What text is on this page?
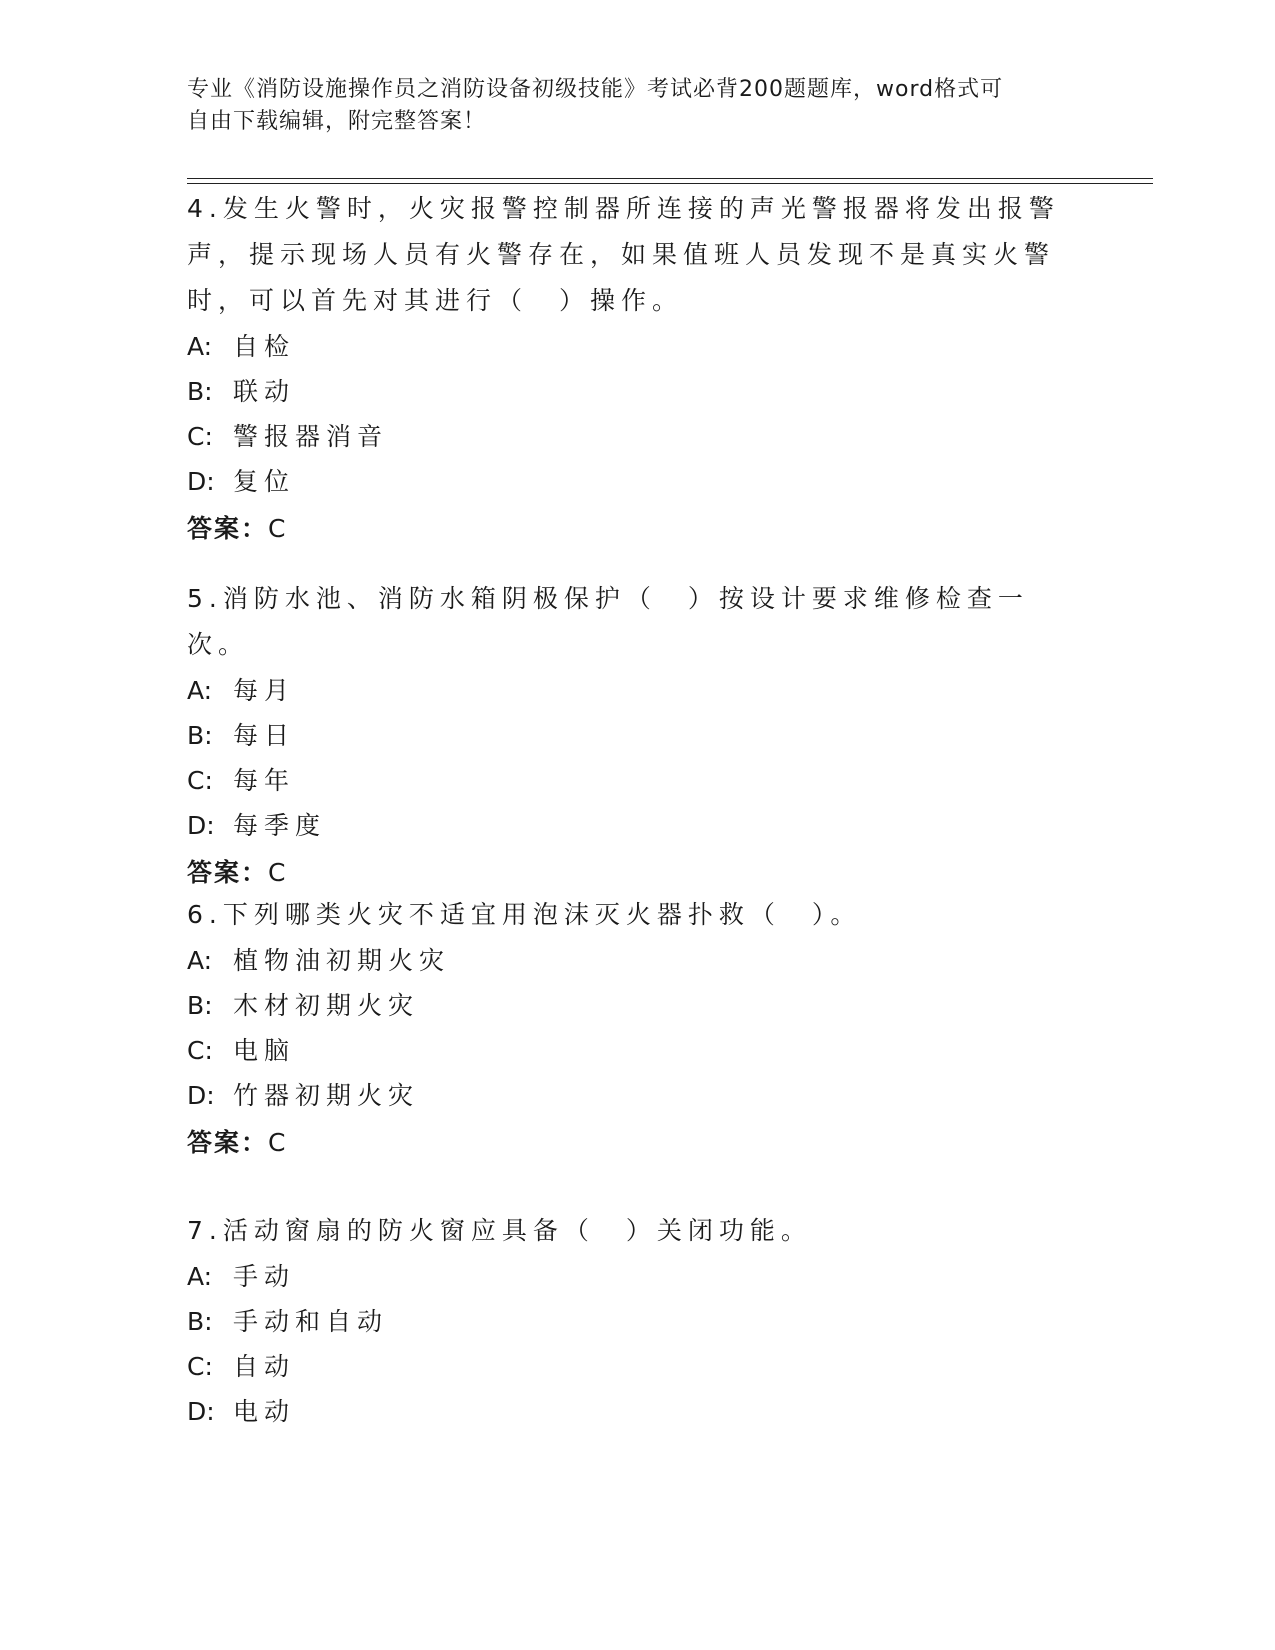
专业《消防设施操作员之消防设备初级技能》考试必背200题题库，word格式可
自由下载编辑，附完整答案！
4.发生火警时，火灾报警控制器所连接的声光警报器将发出报警声，提示现场人员有火警存在，如果值班人员发现不是真实火警时，可以首先对其进行（　）操作。
A: 自检
B: 联动
C: 警报器消音
D: 复位
答案：C
5.消防水池、消防水箱阴极保护（　）按设计要求维修检查一次。
A: 每月
B: 每日
C: 每年
D: 每季度
答案：C
6.下列哪类火灾不适宜用泡沫灭火器扑救（　）。
A: 植物油初期火灾
B: 木材初期火灾
C: 电脑
D: 竹器初期火灾
答案：C
7.活动窗扇的防火窗应具备（　）关闭功能。
A: 手动
B: 手动和自动
C: 自动
D: 电动
